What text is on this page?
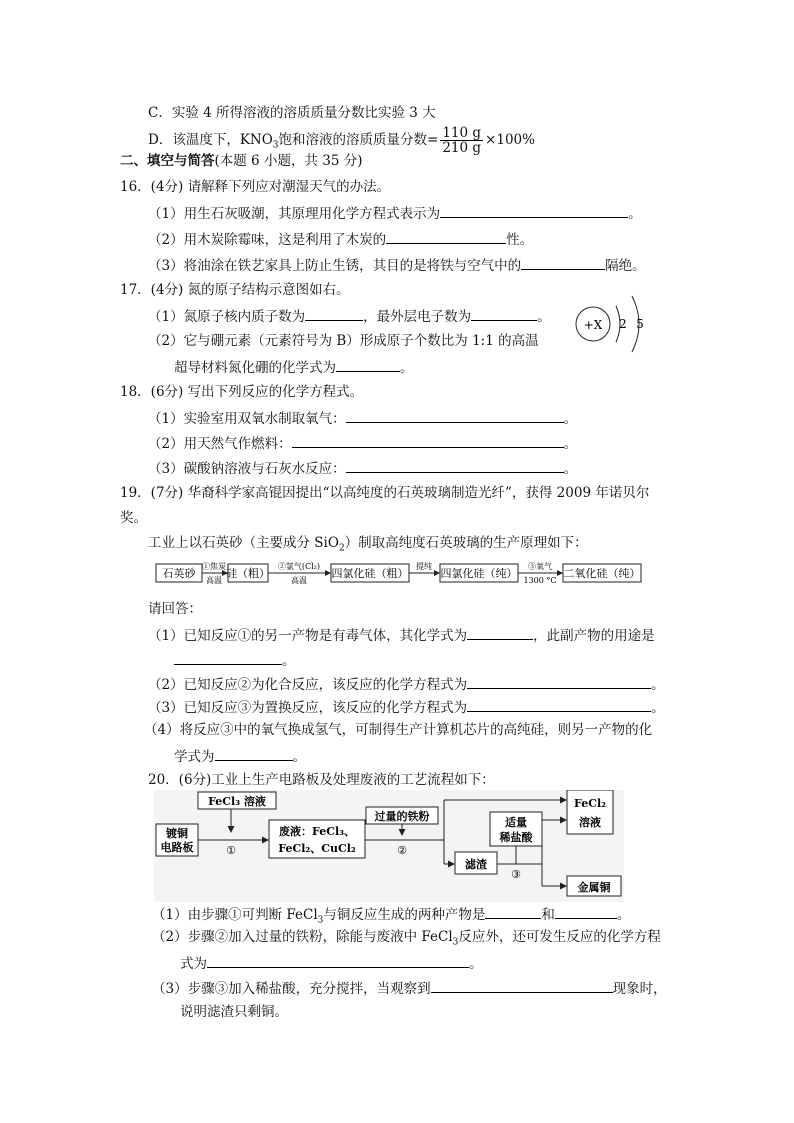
C．实验 4 所得溶液的溶质质量分数比实验 3 大
D．该温度下，$KNO_3$饱和溶液的溶质质量分数= $\frac{110 g}{210 g} \times 100\%$
二、填空与简答(本题 6 小题，共 35 分)
16．(4分) 请解释下列应对潮湿天气的办法。
（1）用生石灰吸潮，其原理用化学方程式表示为	。
（2）用木炭除霉味，这是利用了木炭的	性。
（3）将油涂在铁艺家具上防止生锈，其目的是将铁与空气中的	隔绝。
17．(4分) 氮的原子结构示意图如右。
（1）氮原子核内质子数为	，最外层电子数为	。
（2）它与硼元素（元素符号为 B）形成原子个数比为 1:1 的高温
超导材料氮化硼的化学式为	。
+X 2 5
18．(6分) 写出下列反应的化学方程式。
（1）实验室用双氧水制取氧气：	。
（2）用天然气作燃料：	。
（3）碳酸钠溶液与石灰水反应：	。
19．(7分) 华裔科学家高锟因提出“以高纯度的石英玻璃制造光纤”，获得 2009 年诺贝尔
奖。
工业上以石英砂（主要成分 SiO$_2$）制取高纯度石英玻璃的生产原理如下：
石英砂
①焦炭
高温
硅（粗）
②氯气(Cl₂)
高温
四氯化硅（粗）
提纯
四氯化硅（纯）
③氧气
1300 °C
二氧化硅（纯）
请回答：
（1）已知反应①的另一产物是有毒气体，其化学式为	，此副产物的用途是
。
（2）已知反应②为化合反应，该反应的化学方程式为	。
（3）已知反应③为置换反应，该反应的化学方程式为	。
（4）将反应③中的氧气换成氢气，可制得生产计算机芯片的高纯硅，则另一产物的化
学式为	。
20．(6分)工业上生产电路板及处理废液的工艺流程如下：
FeCl₃ 溶液
镀铜
电路板	①
废液：FeCl₃、
FeCl₂、CuCl₂
过量的铁粉
②
滤渣
适量
稀盐酸
③
FeCl₂
溶液
金属铜
（1）由步骤①可判断 FeCl$_3$与铜反应生成的两种产物是	和	。
（2）步骤②加入过量的铁粉，除能与废液中 FeCl$_3$反应外，还可发生反应的化学方程
式为	。
（3）步骤③加入稀盐酸，充分搅拌，当观察到	现象时，
说明滤渣只剩铜。
